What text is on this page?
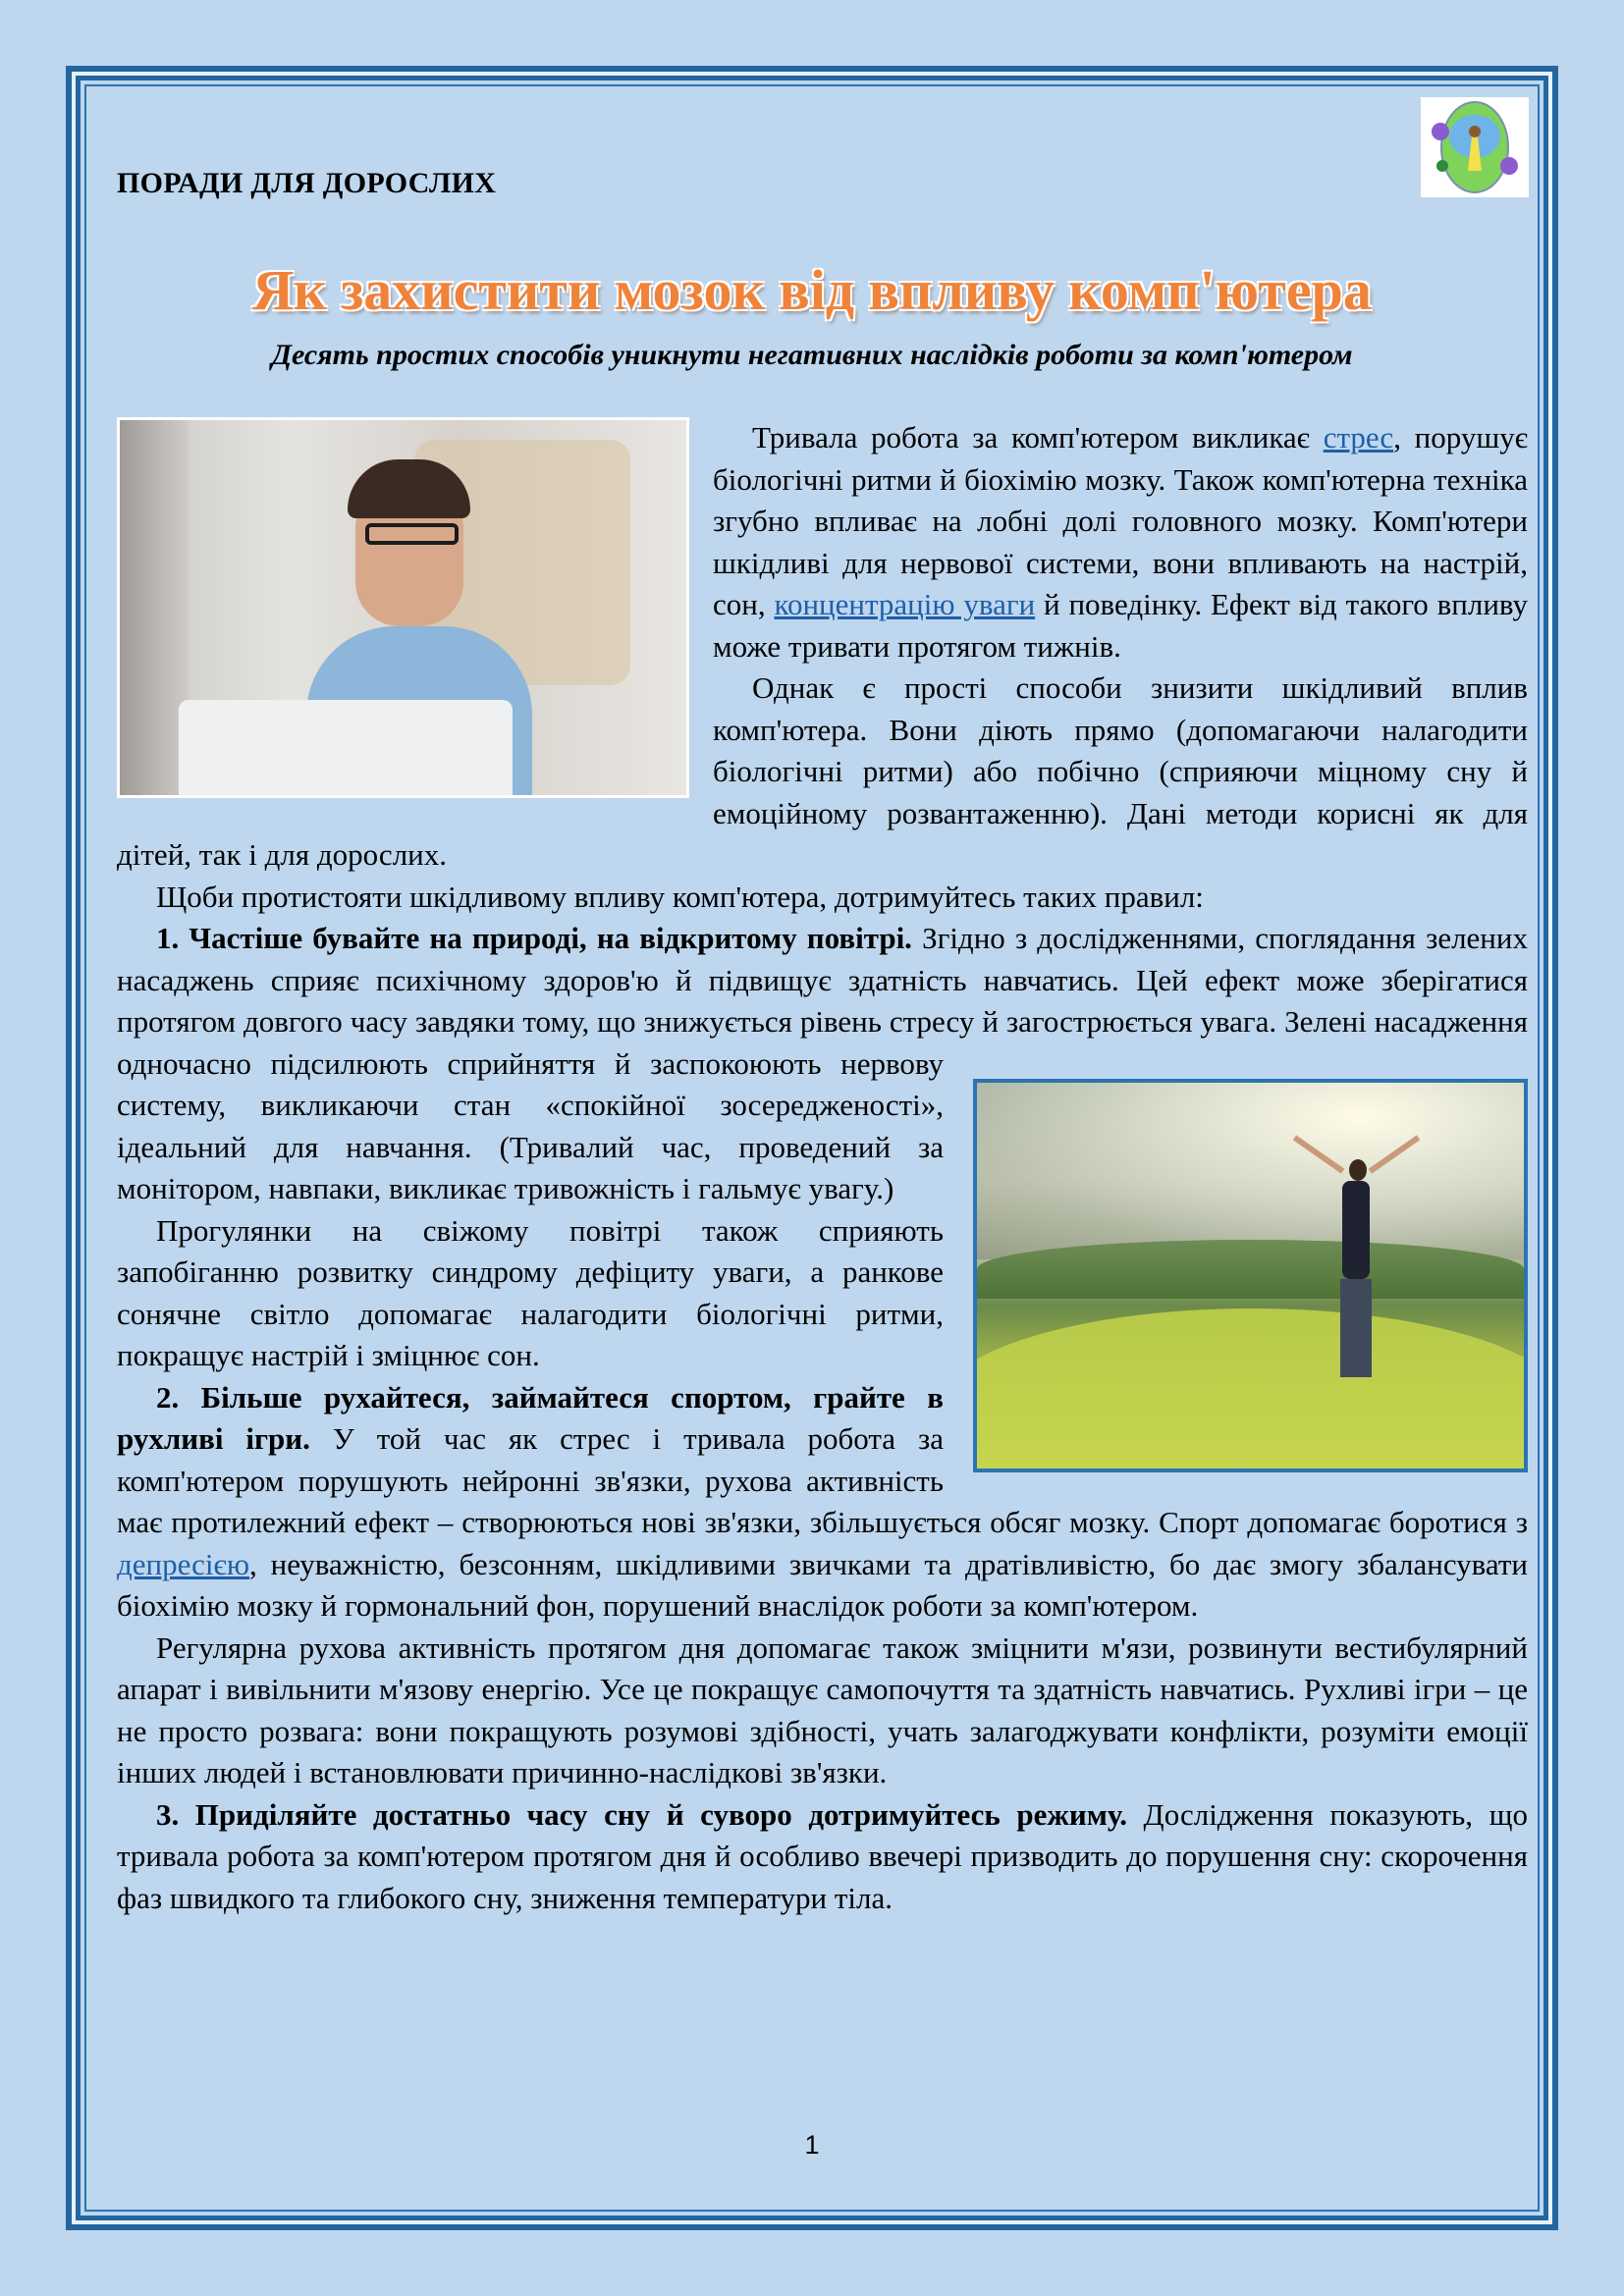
ПОРАДИ ДЛЯ ДОРОСЛИХ
Як захистити мозок від впливу комп'ютера
Десять простих способів уникнути негативних наслідків роботи за комп'ютером

Тривала робота за комп'ютером викликає стрес, порушує біологічні ритми й біохімію мозку. Також комп'ютерна техніка згубно впливає на лобні долі головного мозку. Комп'ютери шкідливі для нервової системи, вони впливають на настрій, сон, концентрацію уваги й поведінку. Ефект від такого впливу може тривати протягом тижнів.

Однак є прості способи знизити шкідливий вплив комп'ютера. Вони діють прямо (допомагаючи налагодити біологічні ритми) або побічно (сприяючи міцному сну й емоційному розвантаженню). Дані методи корисні як для дітей, так і для дорослих.

Щоби протистояти шкідливому впливу комп'ютера, дотримуйтесь таких правил:

1. Частіше бувайте на природі, на відкритому повітрі. Згідно з дослідженнями, споглядання зелених насаджень сприяє психічному здоров'ю й підвищує здатність навчатись. Цей ефект може зберігатися протягом довгого часу завдяки тому, що знижується рівень стресу й загострюється увага. Зелені насадження одночасно підсилюють сприйняття й заспокоюють нервову систему, викликаючи стан «спокійної зосередженості», ідеальний для навчання. (Тривалий час, проведений за монітором, навпаки, викликає тривожність і гальмує увагу.)

Прогулянки на свіжому повітрі також сприяють запобіганню розвитку синдрому дефіциту уваги, а ранкове сонячне світло допомагає налагодити біологічні ритми, покращує настрій і зміцнює сон.

2. Більше рухайтеся, займайтеся спортом, грайте в рухливі ігри. У той час як стрес і тривала робота за комп'ютером порушують нейронні зв'язки, рухова активність має протилежний ефект – створюються нові зв'язки, збільшується обсяг мозку. Спорт допомагає боротися з депресією, неуважністю, безсонням, шкідливими звичками та дратівливістю, бо дає змогу збалансувати біохімію мозку й гормональний фон, порушений внаслідок роботи за комп'ютером.

Регулярна рухова активність протягом дня допомагає також зміцнити м'язи, розвинути вестибулярний апарат і вивільнити м'язову енергію. Усе це покращує самопочуття та здатність навчатись. Рухливі ігри – це не просто розвага: вони покращують розумові здібності, учать залагоджувати конфлікти, розуміти емоції інших людей і встановлювати причинно-наслідкові зв'язки.

3. Приділяйте достатньо часу сну й суворо дотримуйтесь режиму. Дослідження показують, що тривала робота за комп'ютером протягом дня й особливо ввечері призводить до порушення сну: скорочення фаз швидкого та глибокого сну, зниження температури тіла.

1
